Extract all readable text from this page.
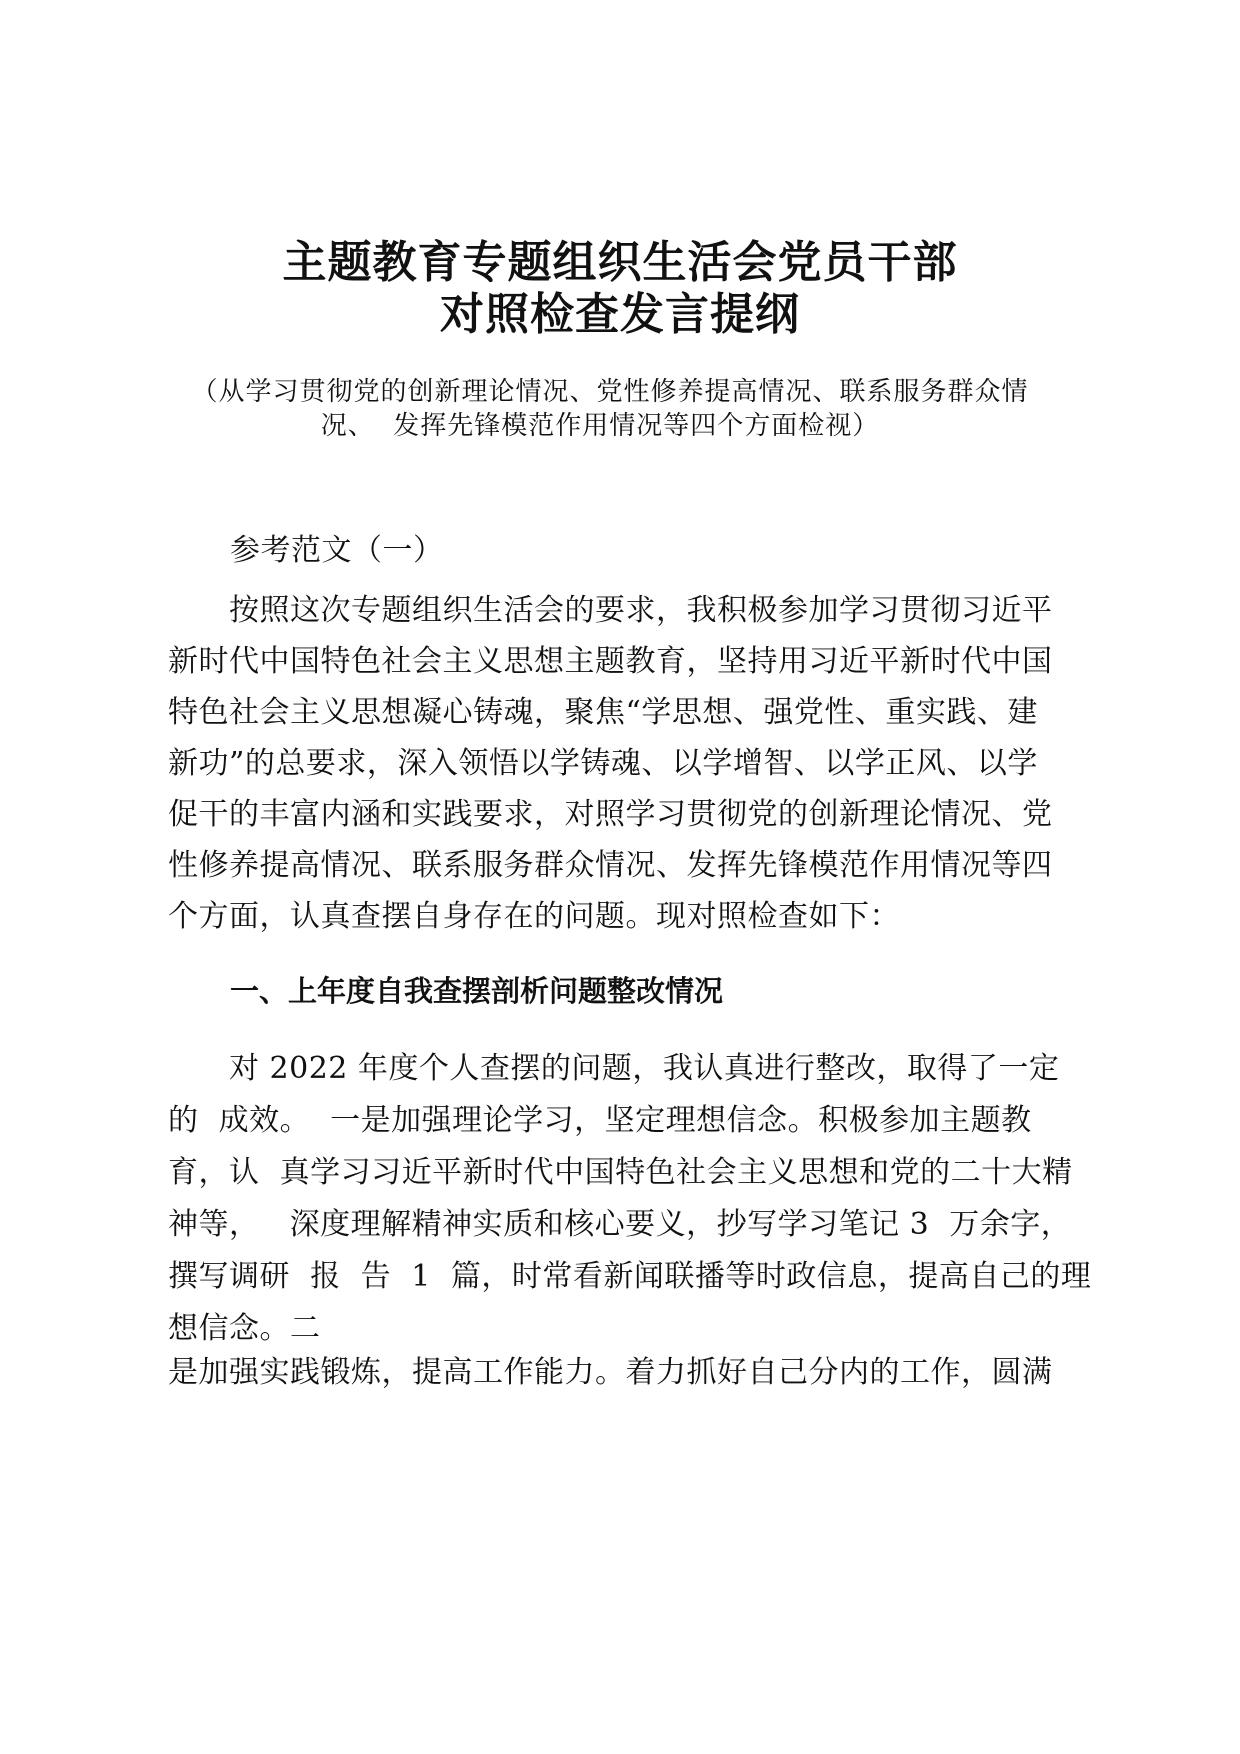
主题教育专题组织生活会党员干部
对照检查发言提纲
（从学习贯彻党的创新理论情况、党性修养提高情况、联系服务群众情
况、  发挥先锋模范作用情况等四个方面检视）
参考范文（一）
　　按照这次专题组织生活会的要求，我积极参加学习贯彻习近平
新时代中国特色社会主义思想主题教育，坚持用习近平新时代中国
特色社会主义思想凝心铸魂，聚焦“学思想、强党性、重实践、建
新功”的总要求，深入领悟以学铸魂、以学增智、以学正风、以学
促干的丰富内涵和实践要求，对照学习贯彻党的创新理论情况、党
性修养提高情况、联系服务群众情况、发挥先锋模范作用情况等四
个方面，认真查摆自身存在的问题。现对照检查如下：
一、上年度自我查摆剖析问题整改情况
　　对 2022 年度个人查摆的问题，我认真进行整改，取得了一定
的  成效。  一是加强理论学习，坚定理想信念。积极参加主题教
育，认  真学习习近平新时代中国特色社会主义思想和党的二十大精
神等，   深度理解精神实质和核心要义，抄写学习笔记 3  万余字，
撰写调研  报  告  1  篇，时常看新闻联播等时政信息，提高自己的理
想信念。二
是加强实践锻炼，提高工作能力。着力抓好自己分内的工作，圆满
